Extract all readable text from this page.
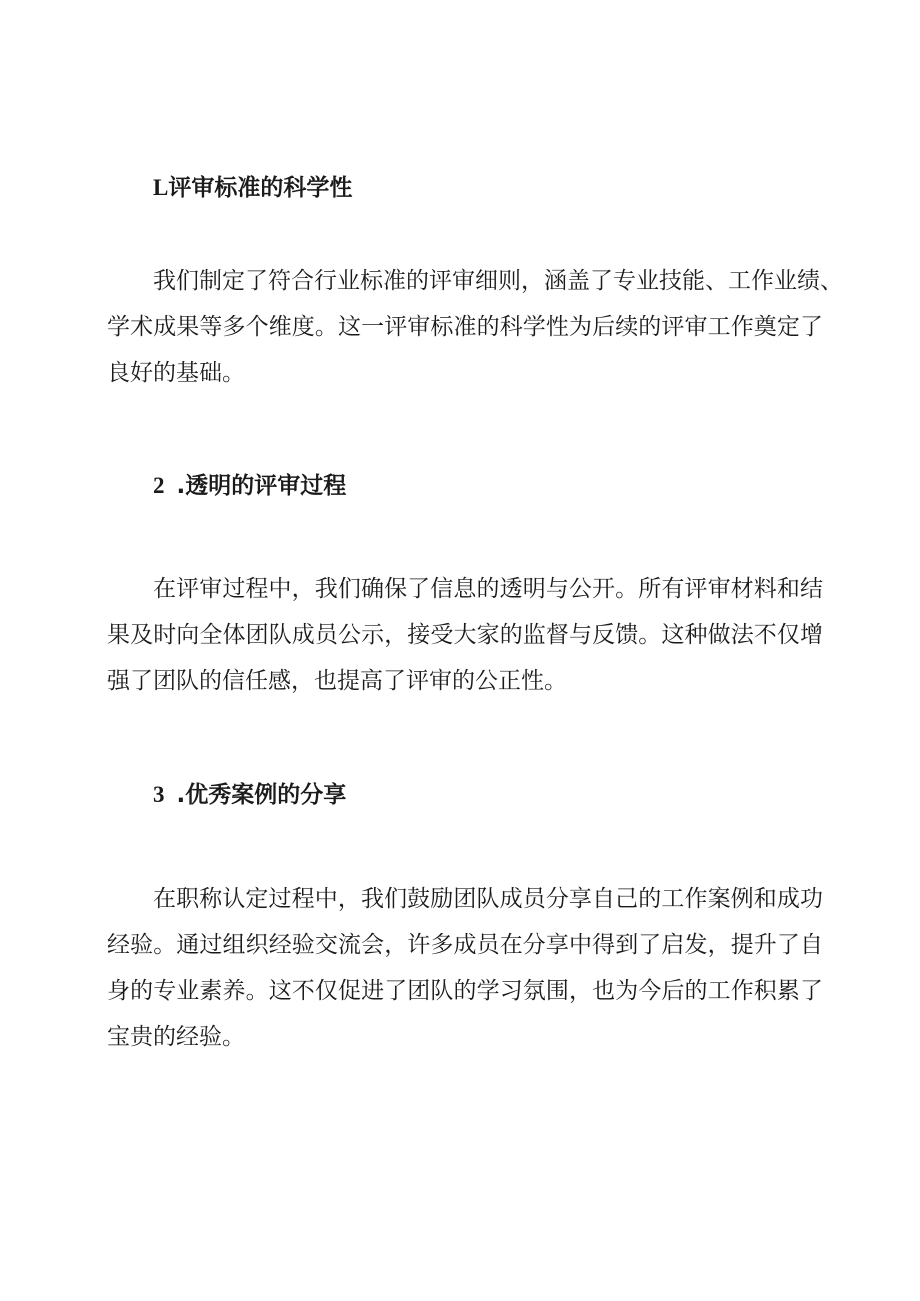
L评审标准的科学性
我们制定了符合行业标准的评审细则，涵盖了专业技能、工作业绩、
学术成果等多个维度。这一评审标准的科学性为后续的评审工作奠定了
良好的基础。
2 .透明的评审过程
在评审过程中，我们确保了信息的透明与公开。所有评审材料和结
果及时向全体团队成员公示，接受大家的监督与反馈。这种做法不仅增
强了团队的信任感，也提高了评审的公正性。
3 .优秀案例的分享
在职称认定过程中，我们鼓励团队成员分享自己的工作案例和成功
经验。通过组织经验交流会，许多成员在分享中得到了启发，提升了自
身的专业素养。这不仅促进了团队的学习氛围，也为今后的工作积累了
宝贵的经验。
